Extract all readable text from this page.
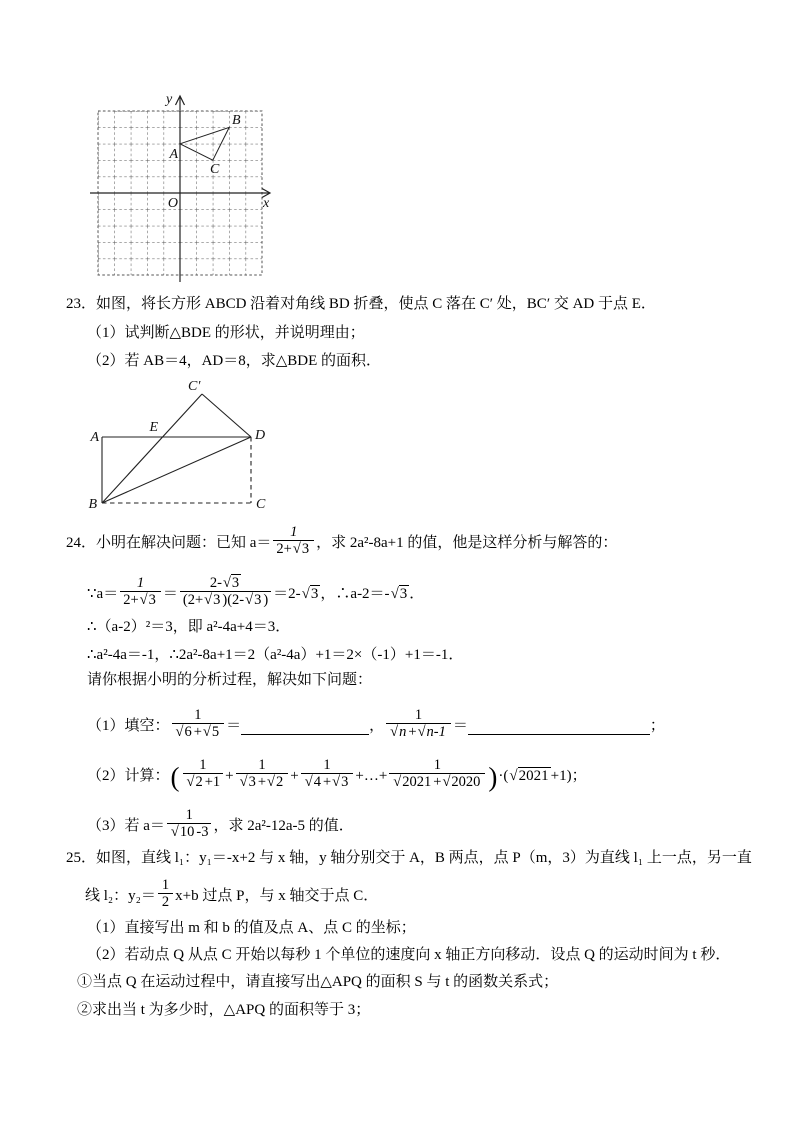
y
x
O
A
B
C
23．如图，将长方形 ABCD 沿着对角线 BD 折叠，使点 C 落在 C′ 处，BC′ 交 AD 于点 E．
（1）试判断△BDE 的形状，并说明理由；
（2）若 AB＝4，AD＝8，求△BDE 的面积．
A
B	C
D
C′
E
24．小明在解决问题：已知 $a= \frac{1}{2+√3}$ ，求 2a²-8a+1 的值，他是这样分析与解答的：
∵a＝ $\frac{1}{2+√3} = \frac{2-√3}{(2+√3 )(2-√3 )} =2-$ √3 ，∴a-2＝- √3 ．
∴（a-2）²＝3，即 a²-4a+4＝3．
∴a²-4a＝-1，∴2a²-8a+1＝2（a²-4a）+1＝2×（-1）+1＝-1．
请你根据小明的分析过程，解决如下问题：
（1）填空： $\frac{1}{√6 +√5}$ ＝	， $\frac{1}{√n +√n-1}$ ＝	；
（2）计算： ( $\frac{1}{√2 +1} + \frac{1}{√3 +√2} + \frac{1}{√4 +√3}$ +…+ $\frac{1}{√2021 +√2020}$ ) ·( √2021 +1) ；
（3）若 $a= \frac{1}{√10 -3}$ ，求 2a²-12a-5 的值．
25．如图，直线 l₁：y₁＝-x+2 与 x 轴，y 轴分别交于 A，B 两点，点 P（m，3）为直线 l₁ 上一点，另一直
线 l₂：$y_2= \frac{1}{2} x+b$ 过点 P，与 x 轴交于点 C．
（1）直接写出 m 和 b 的值及点 A、点 C 的坐标；
（2）若动点 Q 从点 C 开始以每秒 1 个单位的速度向 x 轴正方向移动．设点 Q 的运动时间为 t 秒．
①当点 Q 在运动过程中，请直接写出△APQ 的面积 S 与 t 的函数关系式；
②求出当 t 为多少时，△APQ 的面积等于 3；
